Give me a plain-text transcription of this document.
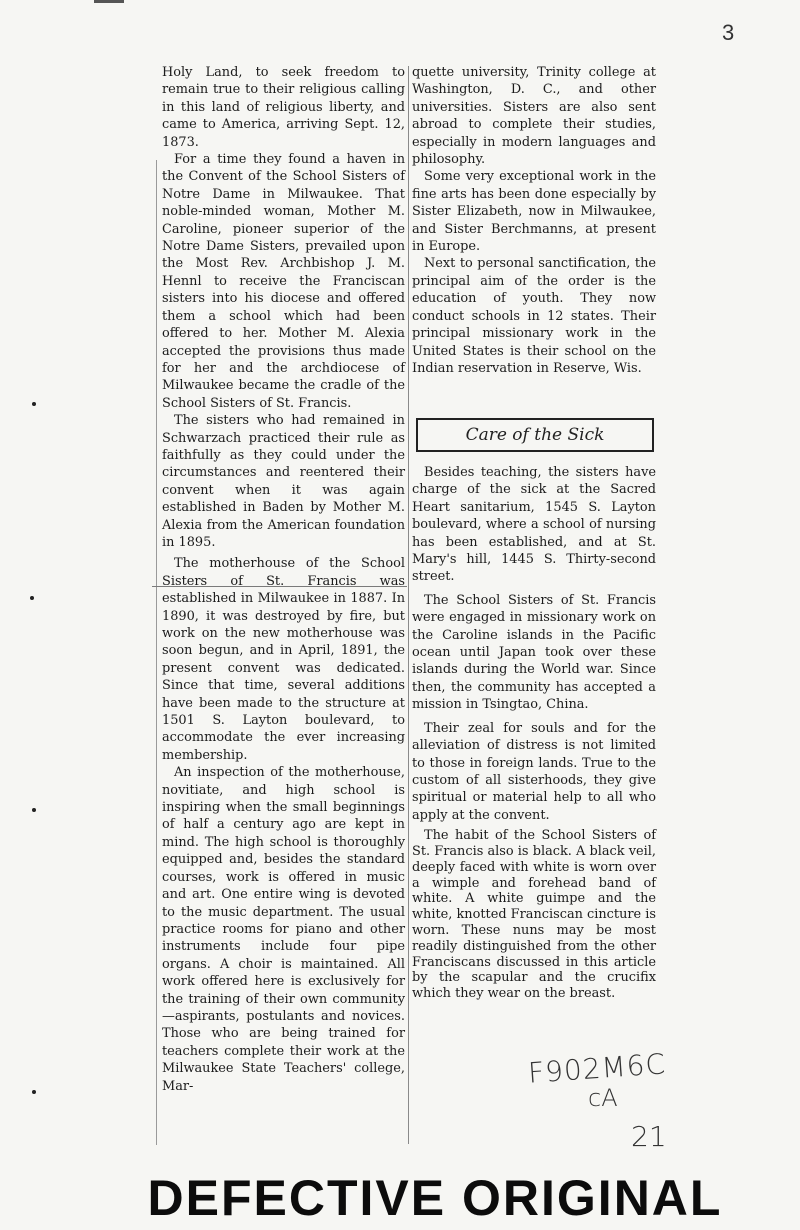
3

Holy Land, to seek freedom to remain true to their religious calling in this land of religious liberty, and came to America, arriving Sept. 12, 1873.

For a time they found a haven in the Convent of the School Sisters of Notre Dame in Milwaukee. That noble-minded woman, Mother M. Caroline, pioneer superior of the Notre Dame Sisters, prevailed upon the Most Rev. Archbishop J. M. Hennl to receive the Franciscan sisters into his diocese and offered them a school which had been offered to her. Mother M. Alexia accepted the provisions thus made for her and the archdiocese of Milwaukee became the cradle of the School Sisters of St. Francis.

The sisters who had remained in Schwarzach practiced their rule as faithfully as they could under the circumstances and reentered their convent when it was again established in Baden by Mother M. Alexia from the American foundation in 1895.

The motherhouse of the School Sisters of St. Francis was established in Milwaukee in 1887. In 1890, it was destroyed by fire, but work on the new motherhouse was soon begun, and in April, 1891, the present convent was dedicated. Since that time, several additions have been made to the structure at 1501 S. Layton boulevard, to accommodate the ever increasing membership.

An inspection of the motherhouse, novitiate, and high school is inspiring when the small beginnings of half a century ago are kept in mind. The high school is thoroughly equipped and, besides the standard courses, work is offered in music and art. One entire wing is devoted to the music department. The usual practice rooms for piano and other instruments include four pipe organs. A choir is maintained. All work offered here is exclusively for the training of their own community—aspirants, postulants and novices. Those who are being trained for teachers complete their work at the Milwaukee State Teachers' college, Mar-

quette university, Trinity college at Washington, D. C., and other universities. Sisters are also sent abroad to complete their studies, especially in modern languages and philosophy.

Some very exceptional work in the fine arts has been done especially by Sister Elizabeth, now in Milwaukee, and Sister Berchmanns, at present in Europe.

Next to personal sanctification, the principal aim of the order is the education of youth. They now conduct schools in 12 states. Their principal missionary work in the United States is their school on the Indian reservation in Reserve, Wis.

Care of the Sick

Besides teaching, the sisters have charge of the sick at the Sacred Heart sanitarium, 1545 S. Layton boulevard, where a school of nursing has been established, and at St. Mary's hill, 1445 S. Thirty-second street.

The School Sisters of St. Francis were engaged in missionary work on the Caroline islands in the Pacific ocean until Japan took over these islands during the World war. Since then, the community has accepted a mission in Tsingtao, China.

Their zeal for souls and for the alleviation of distress is not limited to those in foreign lands. True to the custom of all sisterhoods, they give spiritual or material help to all who apply at the convent.

The habit of the School Sisters of St. Francis also is black. A black veil, deeply faced with white is worn over a wimple and forehead band of white. A white guimpe and the white, knotted Franciscan cincture is worn. These nuns may be most readily distinguished from the other Franciscans discussed in this article by the scapular and the crucifix which they wear on the breast.

F902M6C
cA
21
DEFECTIVE ORIGINAL
